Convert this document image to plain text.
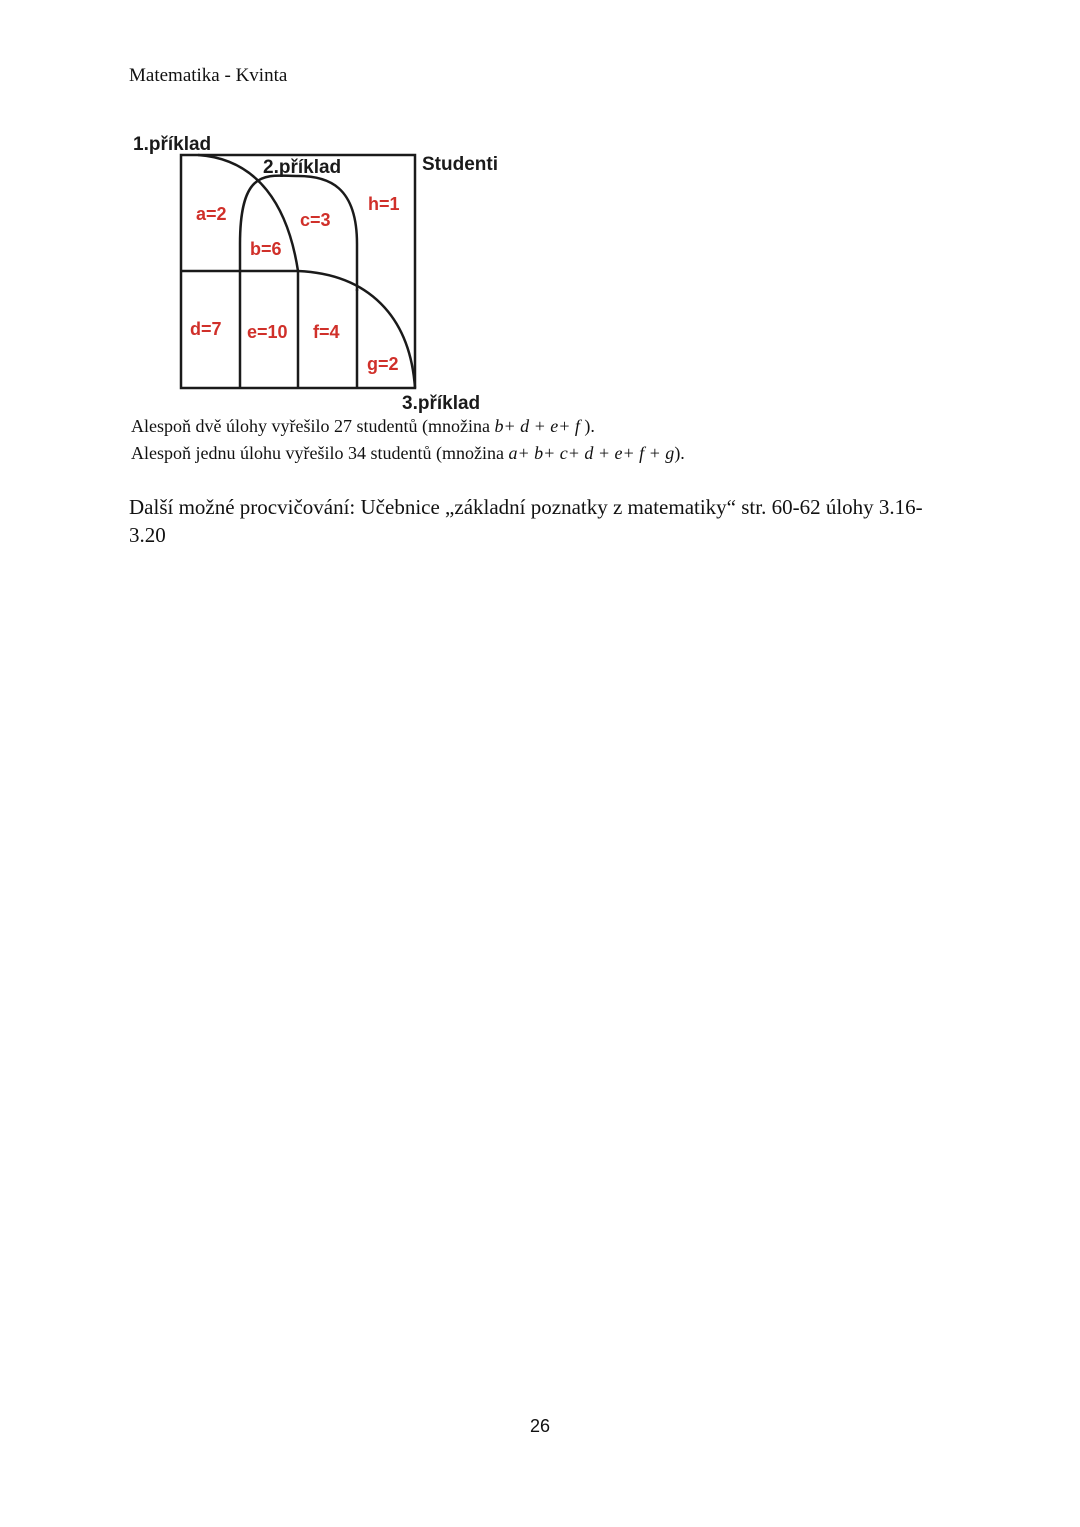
Matematika - Kvinta
1.příklad
2.příklad	Studenti
3.příklad
a=2	c=3
h=1
b=6
d=7 e=10 f=4
g=2
Alespoň dvě úlohy vyřešilo 27 studentů (množina b+ d + e+ f ).
Alespoň jednu úlohu vyřešilo 34 studentů (množina a+ b+ c+ d + e+ f + g).
Další možné procvičování: Učebnice „základní poznatky z matematiky“ str. 60-62 úlohy 3.16-3.20
26
